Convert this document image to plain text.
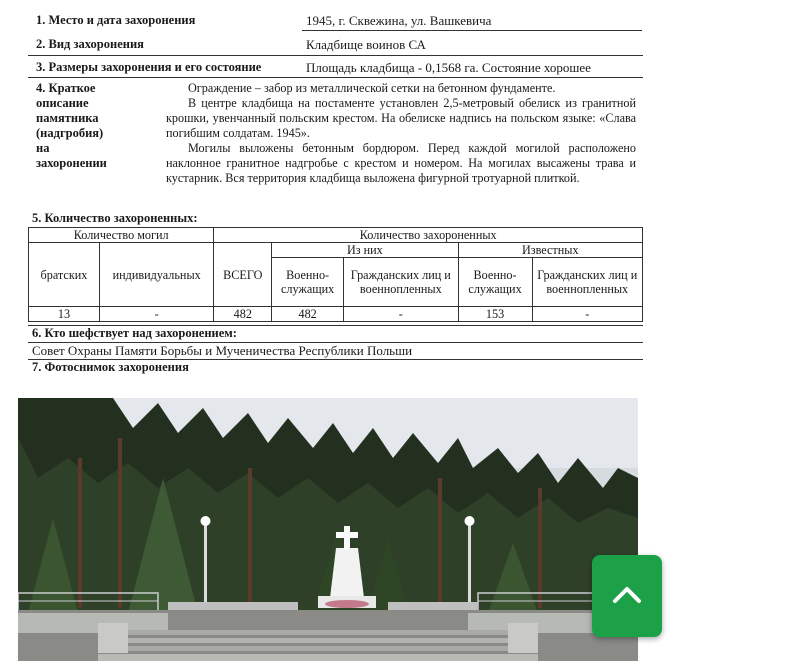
1. Место и дата захоронения	1945, г. Сквежина, ул. Вашкевича
2. Вид захоронения	Кладбище воинов СА
3. Размеры захоронения и его состояние	Площадь кладбища - 0,1568 га. Состояние хорошее
4. Краткое
описание
памятника
(надгробия)
на
захоронении

Ограждение – забор из металлической сетки на бетонном фундаменте.

В центре кладбища на постаменте установлен 2,5-метровый обелиск из гранитной крошки, увенчанный польским крестом. На обелиске надпись на польском языке: «Слава погибшим солдатам. 1945».

Могилы выложены бетонным бордюром. Перед каждой могилой расположено наклонное гранитное надгробье с крестом и номером. На могилах высажены трава и кустарник. Вся территория кладбища выложена фигурной тротуарной плиткой.

5. Количество захороненных:
Количество могил		Количество захороненных				
братских	индивидуальных	ВСЕГО	Из них		Известных	
			Военно-служащих	Гражданских лиц и военнопленных	Военно-служащих	Гражданских лиц и военнопленных
13	-	482	482	-	153	-
6. Кто шефствует над захоронением:
Совет Охраны Памяти Борьбы и Мученичества Республики Польши
7. Фотоснимок захоронения
